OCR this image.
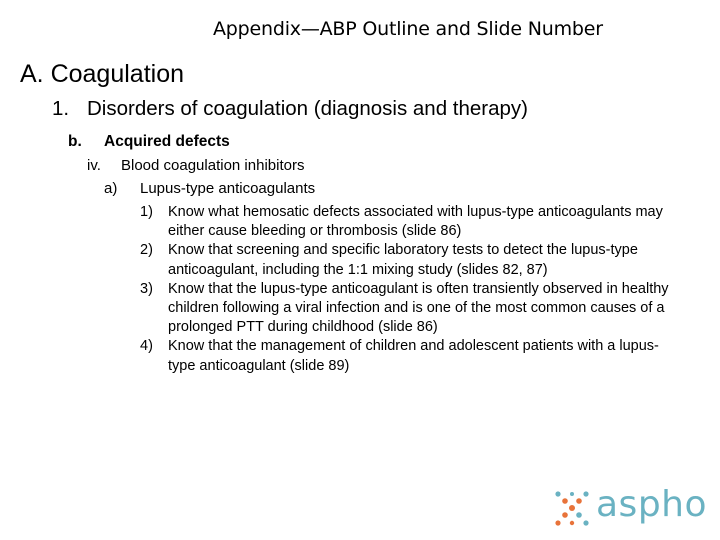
Appendix—ABP Outline and Slide Number
A. Coagulation
1. Disorders of coagulation (diagnosis and therapy)
b. Acquired defects
iv. Blood coagulation inhibitors
a) Lupus-type anticoagulants
1)	Know what hemosatic defects associated with lupus-type anticoagulants may either cause bleeding or thrombosis (slide 86)
2)	Know that screening and specific laboratory tests to detect the lupus-type anticoagulant, including the 1:1 mixing study (slides 82, 87)
3)	Know that the lupus-type anticoagulant is often transiently observed in healthy children following a viral infection and is one of the most common causes of a prolonged PTT during childhood (slide 86)
4)	Know that the management of children and adolescent patients with a lupus-type anticoagulant (slide 89)
aspho
